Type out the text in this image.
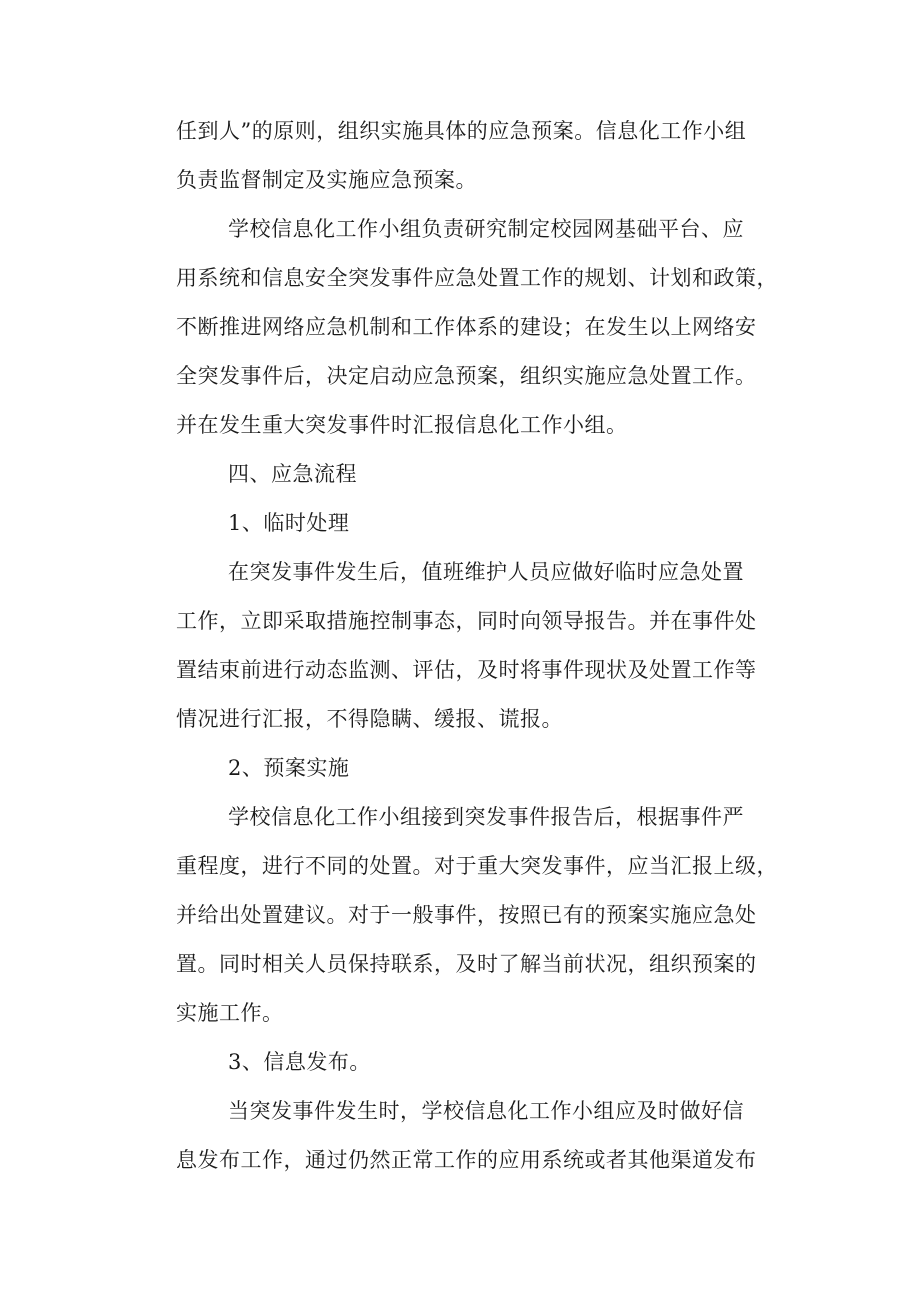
任到人”的原则，组织实施具体的应急预案。信息化工作小组
负责监督制定及实施应急预案。
学校信息化工作小组负责研究制定校园网基础平台、应
用系统和信息安全突发事件应急处置工作的规划、计划和政策，
不断推进网络应急机制和工作体系的建设；在发生以上网络安
全突发事件后，决定启动应急预案，组织实施应急处置工作。
并在发生重大突发事件时汇报信息化工作小组。
四、应急流程
1、临时处理
在突发事件发生后，值班维护人员应做好临时应急处置
工作，立即采取措施控制事态，同时向领导报告。并在事件处
置结束前进行动态监测、评估，及时将事件现状及处置工作等
情况进行汇报，不得隐瞒、缓报、谎报。
2、预案实施
学校信息化工作小组接到突发事件报告后，根据事件严
重程度，进行不同的处置。对于重大突发事件，应当汇报上级，
并给出处置建议。对于一般事件，按照已有的预案实施应急处
置。同时相关人员保持联系，及时了解当前状况，组织预案的
实施工作。
3、信息发布。
当突发事件发生时，学校信息化工作小组应及时做好信
息发布工作，通过仍然正常工作的应用系统或者其他渠道发布
